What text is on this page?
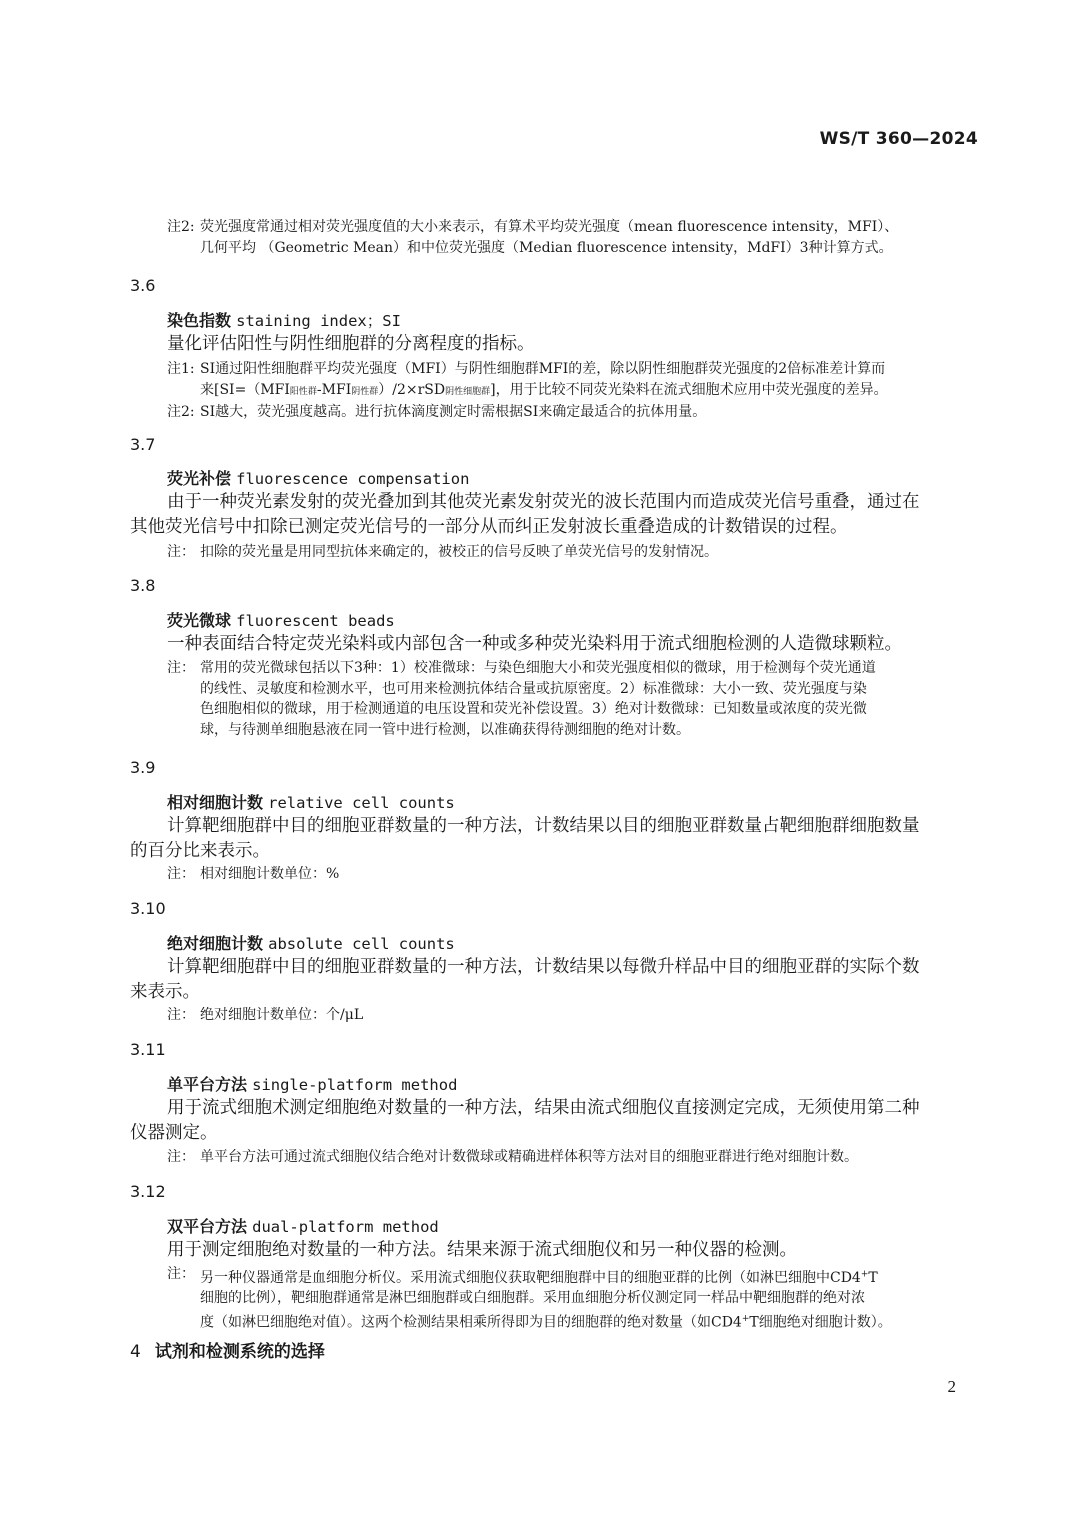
WS/T 360—2024

注2: 荧光强度常通过相对荧光强度值的大小来表示，有算术平均荧光强度（mean fluorescence intensity，MFI）、

几何平均 （Geometric Mean）和中位荧光强度（Median fluorescence intensity，MdFI）3种计算方式。

3.6

染色指数 staining index；SI

量化评估阳性与阴性细胞群的分离程度的指标。

注1: SI通过阳性细胞群平均荧光强度（MFI）与阴性细胞群MFI的差，除以阴性细胞群荧光强度的2倍标准差计算而

来[SI=（MFI阳性群-MFI阴性群）/2×rSD阴性细胞群]，用于比较不同荧光染料在流式细胞术应用中荧光强度的差异。

注2: SI越大，荧光强度越高。进行抗体滴度测定时需根据SI来确定最适合的抗体用量。

3.7

荧光补偿 fluorescence compensation

由于一种荧光素发射的荧光叠加到其他荧光素发射荧光的波长范围内而造成荧光信号重叠，通过在

其他荧光信号中扣除已测定荧光信号的一部分从而纠正发射波长重叠造成的计数错误的过程。

注： 扣除的荧光量是用同型抗体来确定的，被校正的信号反映了单荧光信号的发射情况。

3.8

荧光微球 fluorescent beads

一种表面结合特定荧光染料或内部包含一种或多种荧光染料用于流式细胞检测的人造微球颗粒。

注： 常用的荧光微球包括以下3种：1）校准微球：与染色细胞大小和荧光强度相似的微球，用于检测每个荧光通道

的线性、灵敏度和检测水平，也可用来检测抗体结合量或抗原密度。2）标准微球：大小一致、荧光强度与染

色细胞相似的微球，用于检测通道的电压设置和荧光补偿设置。3）绝对计数微球：已知数量或浓度的荧光微

球，与待测单细胞悬液在同一管中进行检测，以准确获得待测细胞的绝对计数。

3.9

相对细胞计数 relative cell counts

计算靶细胞群中目的细胞亚群数量的一种方法，计数结果以目的细胞亚群数量占靶细胞群细胞数量

的百分比来表示。

注： 相对细胞计数单位：%

3.10

绝对细胞计数 absolute cell counts

计算靶细胞群中目的细胞亚群数量的一种方法，计数结果以每微升样品中目的细胞亚群的实际个数

来表示。

注： 绝对细胞计数单位：个/μL

3.11

单平台方法 single-platform method

用于流式细胞术测定细胞绝对数量的一种方法，结果由流式细胞仪直接测定完成，无须使用第二种

仪器测定。

注： 单平台方法可通过流式细胞仪结合绝对计数微球或精确进样体积等方法对目的细胞亚群进行绝对细胞计数。

3.12

双平台方法 dual-platform method

用于测定细胞绝对数量的一种方法。结果来源于流式细胞仪和另一种仪器的检测。

注： 另一种仪器通常是血细胞分析仪。采用流式细胞仪获取靶细胞群中目的细胞亚群的比例（如淋巴细胞中CD4+T

细胞的比例），靶细胞群通常是淋巴细胞群或白细胞群。采用血细胞分析仪测定同一样品中靶细胞群的绝对浓

度（如淋巴细胞绝对值）。这两个检测结果相乘所得即为目的细胞群的绝对数量（如CD4+T细胞绝对细胞计数）。

4 试剂和检测系统的选择

2
